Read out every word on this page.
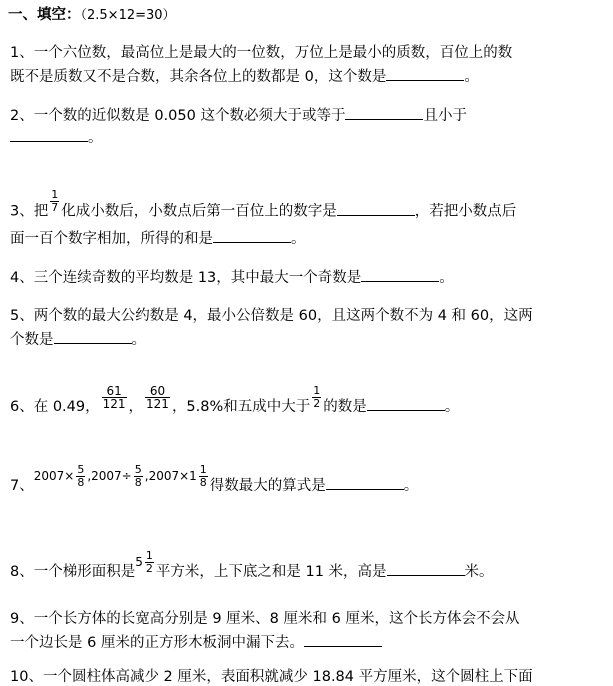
一、填空：（2.5×12=30）
1、一个六位数，最高位上是最大的一位数，万位上是最小的质数，百位上的数
既不是质数又不是合数，其余各位上的数都是 0，这个数是	。
2、一个数的近似数是 0.050 这个数必须大于或等于	且小于
。
3、把 $\frac{1}{7}$ 化成小数后，小数点后第一百位上的数字是	，若把小数点后
面一百个数字相加，所得的和是	。
4、三个连续奇数的平均数是 13，其中最大一个奇数是	。
5、两个数的最大公约数是 4，最小公倍数是 60，且这两个数不为 4 和 60，这两
个数是	。
6、在 0.49， $\frac{61}{121}$ ， $\frac{60}{121}$ ，5.8%和五成中大于 $\frac{1}{2}$ 的数是	。
7、$^{2007\times \frac{5}{8} ,2007\div \frac{5}{8} ,2007\times 1 \frac{1}{8}}$ 得数最大的算式是	。
8、一个梯形面积是$5 \frac{1}{2}$ 平方米，上下底之和是 11 米，高是	米。
9、一个长方体的长宽高分别是 9 厘米、8 厘米和 6 厘米，这个长方体会不会从
一个边长是 6 厘米的正方形木板洞中漏下去。
10、一个圆柱体高减少 2 厘米，表面积就减少 18.84 平方厘米，这个圆柱上下面
